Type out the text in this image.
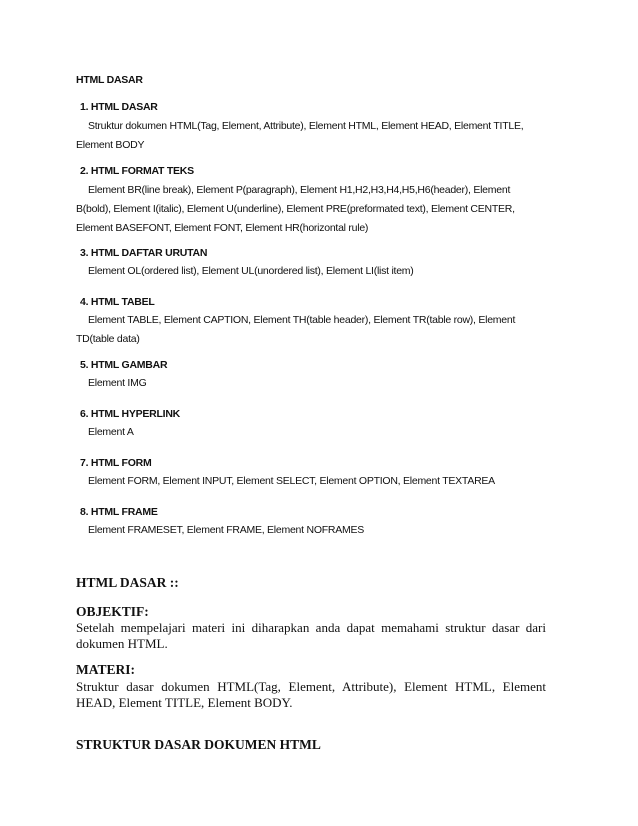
HTML DASAR
1. HTML DASAR
Struktur dokumen HTML(Tag, Element, Attribute), Element HTML, Element HEAD, Element TITLE, Element BODY
2. HTML FORMAT TEKS
Element BR(line break), Element P(paragraph), Element H1,H2,H3,H4,H5,H6(header), Element B(bold), Element I(italic), Element U(underline), Element PRE(preformated text), Element CENTER, Element BASEFONT, Element FONT, Element HR(horizontal rule)
3. HTML DAFTAR URUTAN
Element OL(ordered list), Element UL(unordered list), Element LI(list item)
4. HTML TABEL
Element TABLE, Element CAPTION, Element TH(table header), Element TR(table row), Element TD(table data)
5. HTML GAMBAR
Element IMG
6. HTML HYPERLINK
Element A
7. HTML FORM
Element FORM, Element INPUT, Element SELECT, Element OPTION, Element TEXTAREA
8. HTML FRAME
Element FRAMESET, Element FRAME, Element NOFRAMES
HTML DASAR ::
OBJEKTIF:
Setelah mempelajari materi ini diharapkan anda dapat memahami struktur dasar dari dokumen HTML.
MATERI:
Struktur dasar dokumen HTML(Tag, Element, Attribute), Element HTML, Element HEAD, Element TITLE, Element BODY.
STRUKTUR DASAR DOKUMEN HTML
